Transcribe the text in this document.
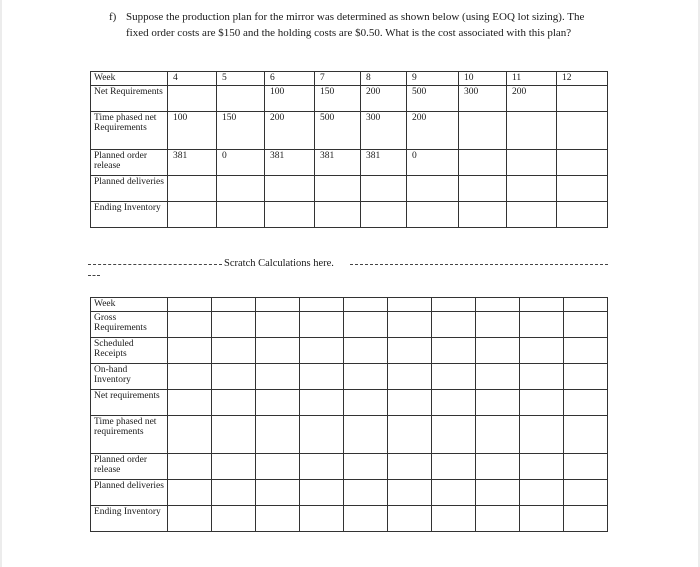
f) Suppose the production plan for the mirror was determined as shown below (using EOQ lot sizing). The fixed order costs are $150 and the holding costs are $0.50. What is the cost associated with this plan?
Week	4	5	6	7	8	9	10	11	12
Net Requirements			100	150	200	500	300	200	
Time phased net Requirements	100	150	200	500	300	200			
Planned order release	381	0	381	381	381	0			
Planned deliveries									
Ending Inventory									
Scratch Calculations here.
Week										
Gross Requirements										
Scheduled Receipts										
On-hand Inventory										
Net requirements										
Time phased net requirements										
Planned order release										
Planned deliveries										
Ending Inventory										
